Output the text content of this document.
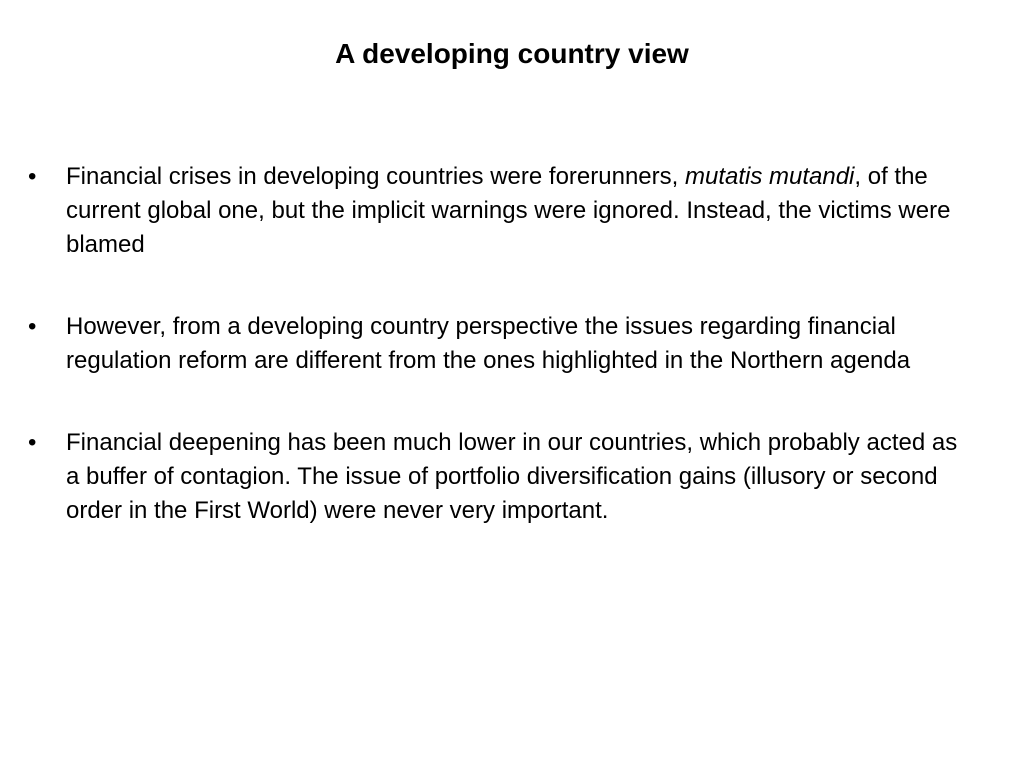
A developing country view
•	Financial crises in developing countries were forerunners, mutatis mutandi, of the current global one, but the implicit warnings were ignored. Instead, the victims were blamed
•	However, from a developing country perspective the issues regarding financial regulation reform are different from the ones highlighted in the Northern agenda
•	Financial deepening has been much lower in our countries, which probably acted as a buffer of contagion. The issue of portfolio diversification gains (illusory or second order in the First World) were never very important.
